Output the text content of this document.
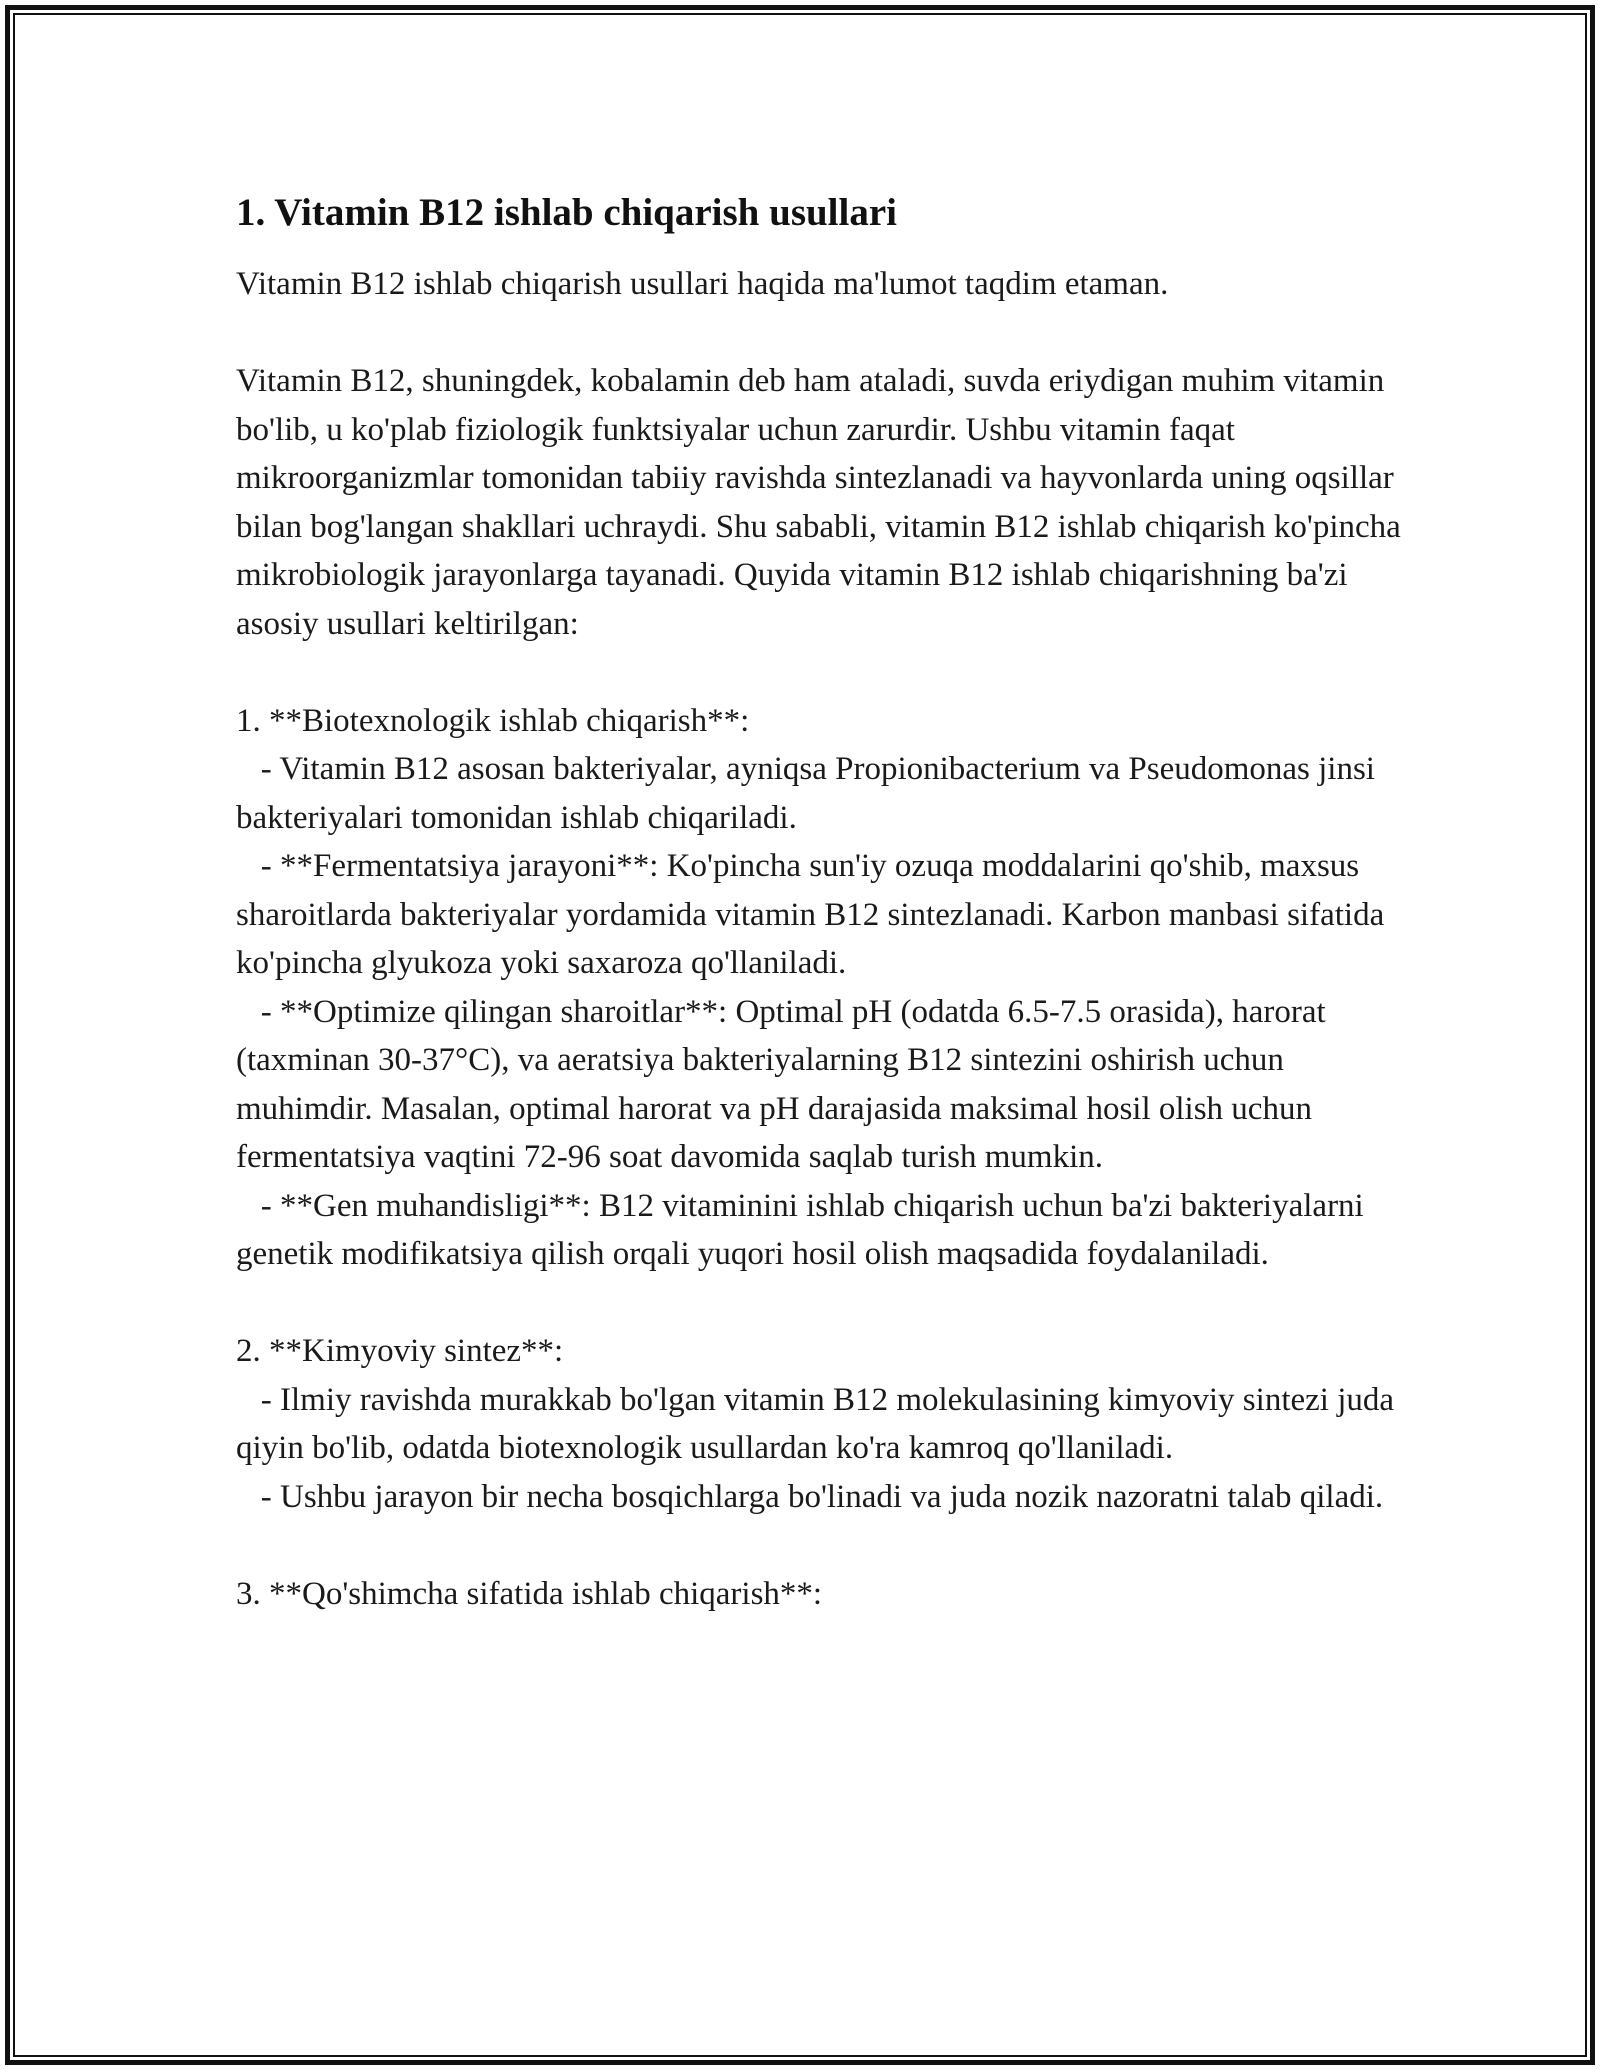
1. Vitamin B12 ishlab chiqarish usullari

Vitamin B12 ishlab chiqarish usullari haqida ma'lumot taqdim etaman.

Vitamin B12, shuningdek, kobalamin deb ham ataladi, suvda eriydigan muhim vitamin bo'lib, u ko'plab fiziologik funktsiyalar uchun zarurdir. Ushbu vitamin faqat mikroorganizmlar tomonidan tabiiy ravishda sintezlanadi va hayvonlarda uning oqsillar bilan bog'langan shakllari uchraydi. Shu sababli, vitamin B12 ishlab chiqarish ko'pincha mikrobiologik jarayonlarga tayanadi. Quyida vitamin B12 ishlab chiqarishning ba'zi asosiy usullari keltirilgan:

1. **Biotexnologik ishlab chiqarish**:

- Vitamin B12 asosan bakteriyalar, ayniqsa Propionibacterium va Pseudomonas jinsi bakteriyalari tomonidan ishlab chiqariladi.

- **Fermentatsiya jarayoni**: Ko'pincha sun'iy ozuqa moddalarini qo'shib, maxsus sharoitlarda bakteriyalar yordamida vitamin B12 sintezlanadi. Karbon manbasi sifatida ko'pincha glyukoza yoki saxaroza qo'llaniladi.

- **Optimize qilingan sharoitlar**: Optimal pH (odatda 6.5-7.5 orasida), harorat (taxminan 30-37°C), va aeratsiya bakteriyalarning B12 sintezini oshirish uchun muhimdir. Masalan, optimal harorat va pH darajasida maksimal hosil olish uchun fermentatsiya vaqtini 72-96 soat davomida saqlab turish mumkin.

- **Gen muhandisligi**: B12 vitaminini ishlab chiqarish uchun ba'zi bakteriyalarni genetik modifikatsiya qilish orqali yuqori hosil olish maqsadida foydalaniladi.

2. **Kimyoviy sintez**:

- Ilmiy ravishda murakkab bo'lgan vitamin B12 molekulasining kimyoviy sintezi juda qiyin bo'lib, odatda biotexnologik usullardan ko'ra kamroq qo'llaniladi.

- Ushbu jarayon bir necha bosqichlarga bo'linadi va juda nozik nazoratni talab qiladi.

3. **Qo'shimcha sifatida ishlab chiqarish**:
